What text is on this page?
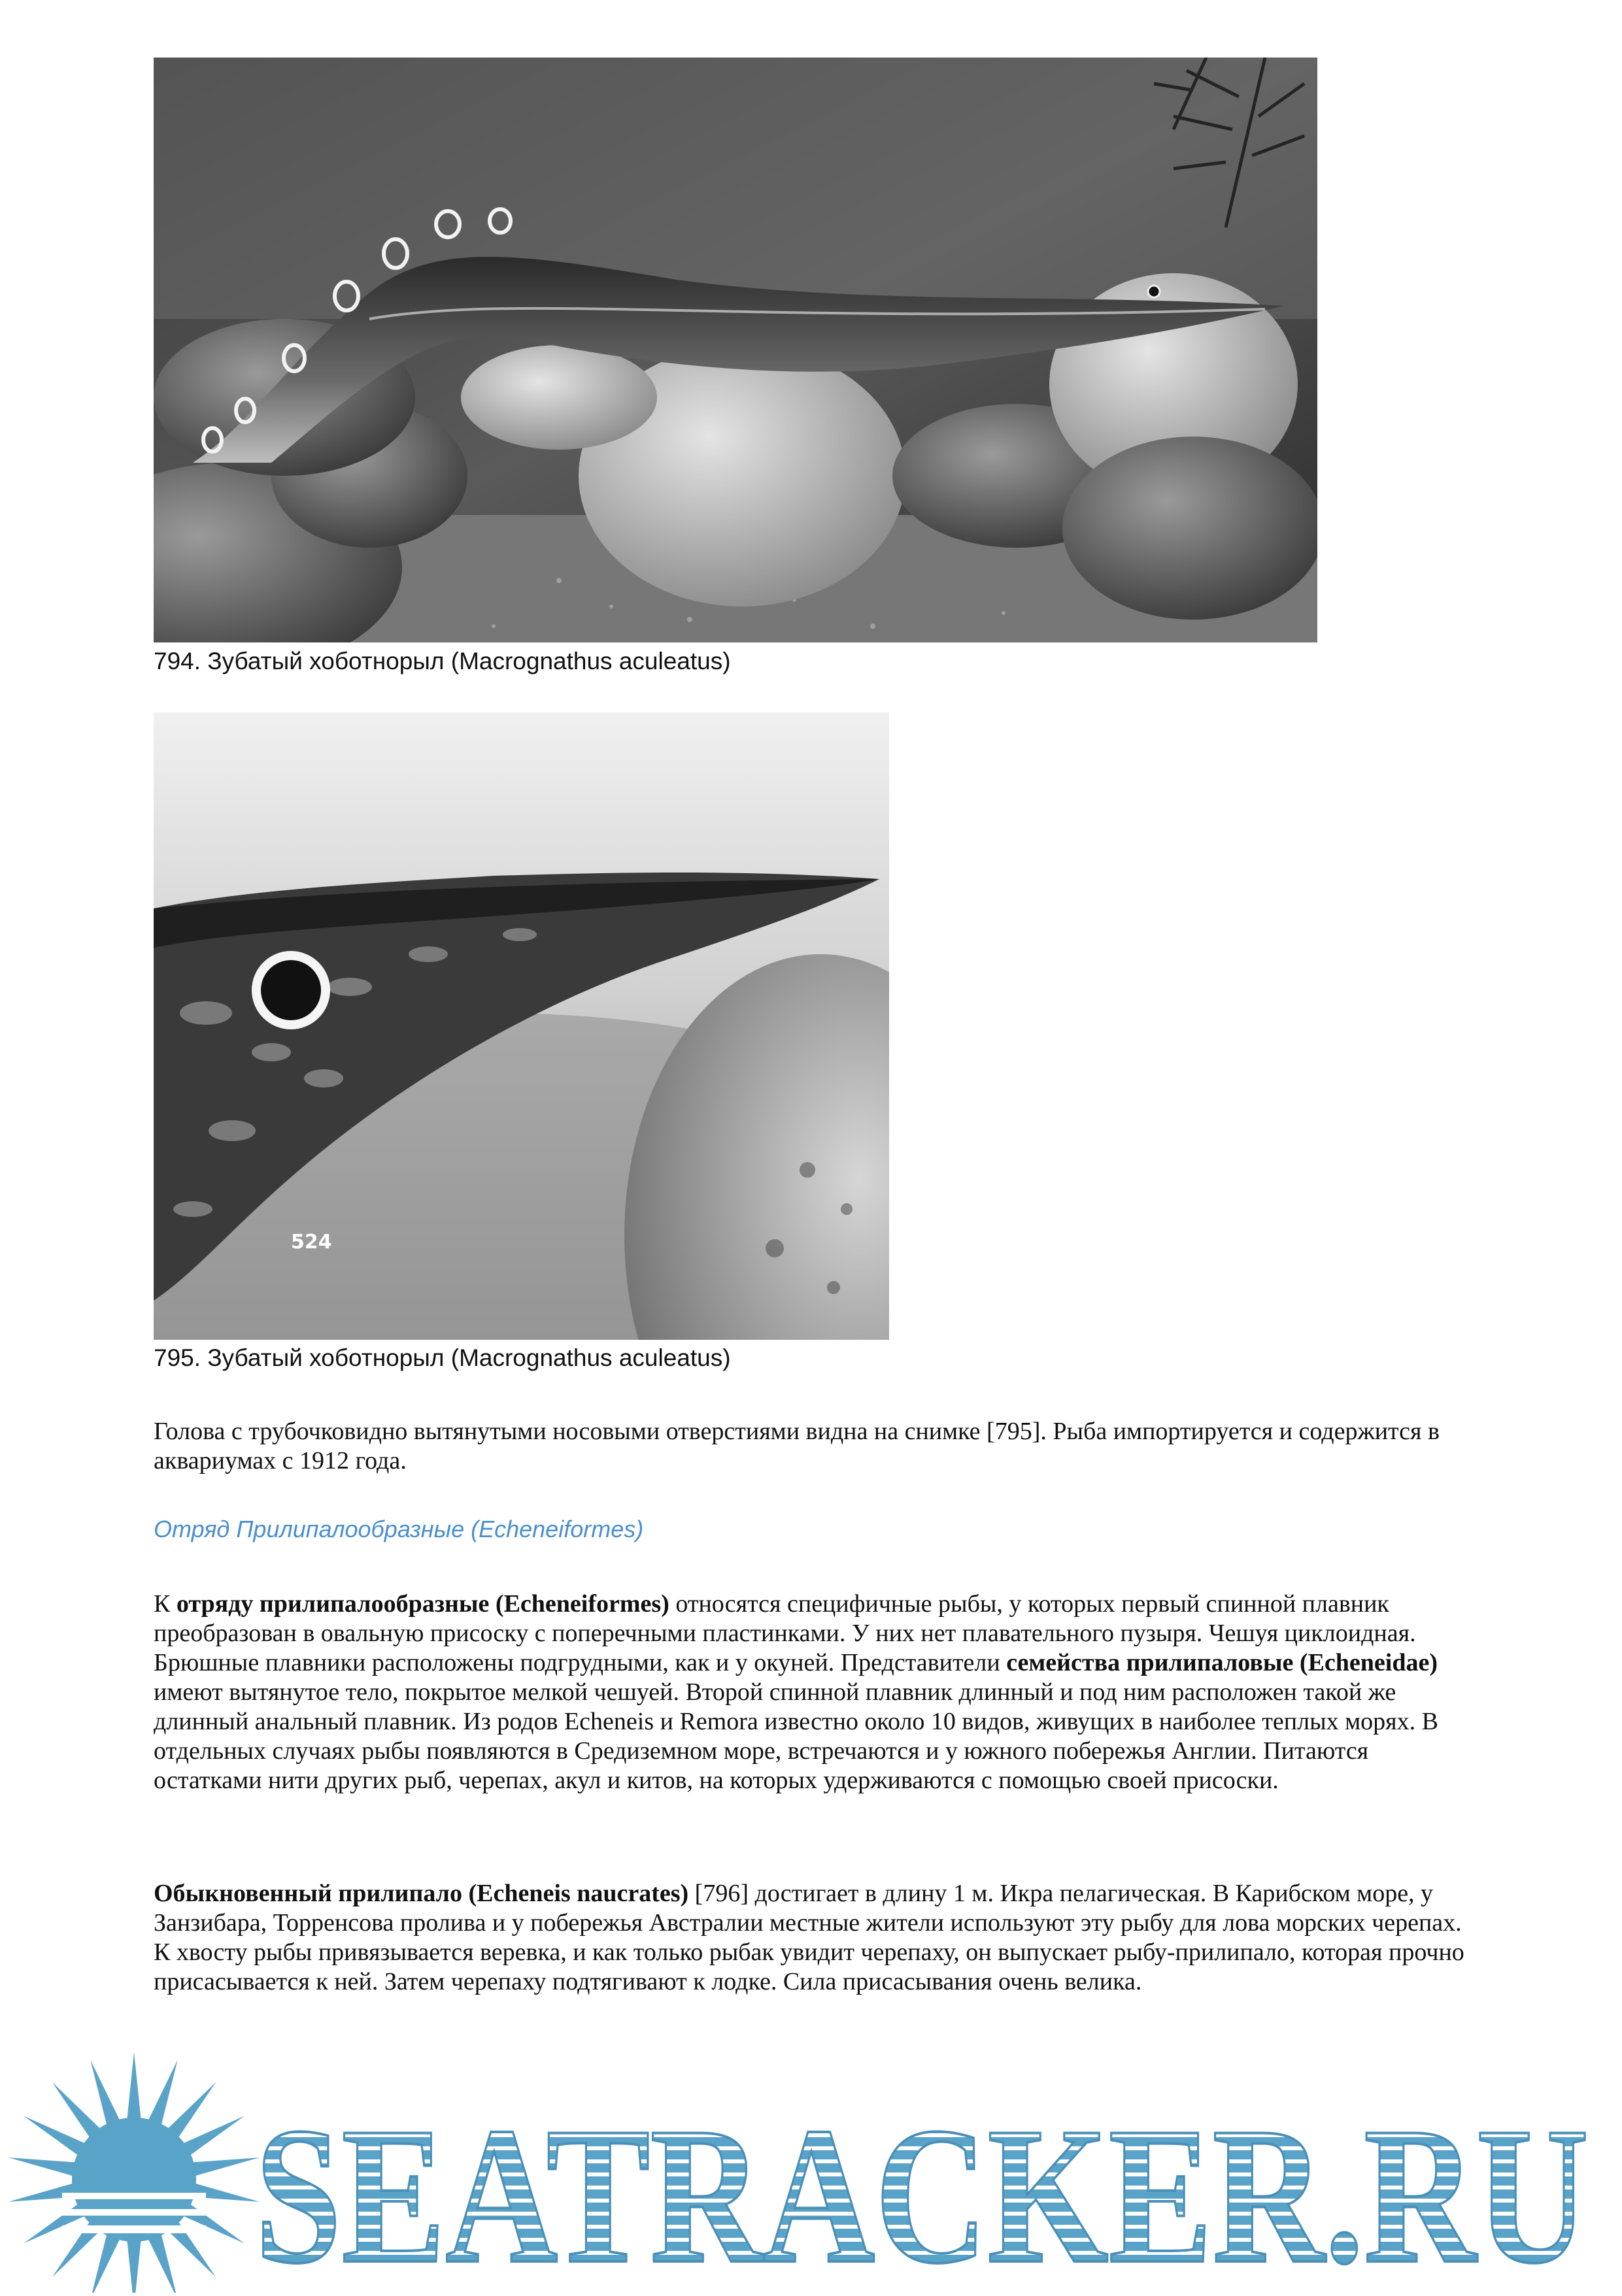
794. Зубатый хоботнорыл (Macrognathus aculeatus)
524
795. Зубатый хоботнорыл (Macrognathus aculeatus)

Голова с трубочковидно вытянутыми носовыми отверстиями видна на снимке [795]. Рыба импортируется и содержится в аквариумах с 1912 года.

Отряд Прилипалообразные (Echeneiformes)

К отряду прилипалообразные (Echeneiformes) относятся специфичные рыбы, у которых первый спинной плавник преобразован в овальную присоску с поперечными пластинками. У них нет плавательного пузыря. Чешуя циклоидная. Брюшные плавники расположены подгрудными, как и у окуней. Представители семейства прилипаловые (Echeneidae) имеют вытянутое тело, покрытое мелкой чешуей. Второй спинной плавник длинный и под ним расположен такой же длинный анальный плавник. Из родов Echeneis и Remora известно около 10 видов, живущих в наиболее теплых морях. В отдельных случаях рыбы появляются в Средиземном море, встречаются и у южного побережья Англии. Питаются остатками нити других рыб, черепах, акул и китов, на которых удерживаются с помощью своей присоски.

Обыкновенный прилипало (Echeneis naucrates) [796] достигает в длину 1 м. Икра пелагическая. В Карибском море, у Занзибара, Торренсова пролива и у побережья Австралии местные жители используют эту рыбу для лова морских черепах. К хвосту рыбы привязывается веревка, и как только рыбак увидит черепаху, он выпускает рыбу-прилипало, которая прочно присасывается к ней. Затем черепаху подтягивают к лодке. Сила присасывания очень велика.

SEATRACKER.RU
